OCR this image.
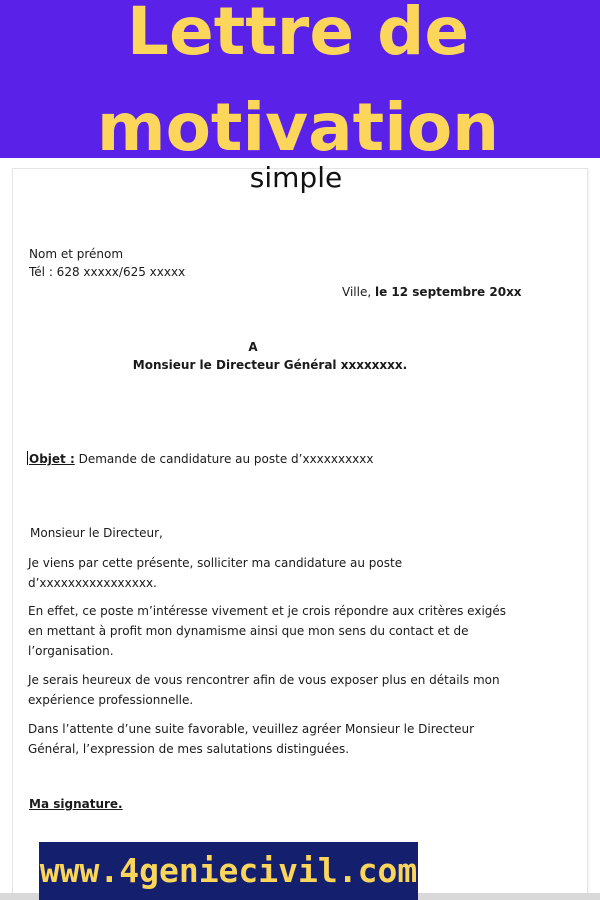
Lettre de
motivation
simple
Nom et prénom
Tél : 628 xxxxx/625 xxxxx
Ville, le 12 septembre 20xx
A
Monsieur le Directeur Général xxxxxxxx.
Objet : Demande de candidature au poste d’xxxxxxxxxx
Monsieur le Directeur,
Je viens par cette présente, solliciter ma candidature au poste d’xxxxxxxxxxxxxxxx.
En effet, ce poste m’intéresse vivement et je crois répondre aux critères exigés en mettant à profit mon dynamisme ainsi que mon sens du contact et de l’organisation.
Je serais heureux de vous rencontrer afin de vous exposer plus en détails mon expérience professionnelle.
Dans l’attente d’une suite favorable, veuillez agréer Monsieur le Directeur Général, l’expression de mes salutations distinguées.
Ma signature.
www.4geniecivil.com
